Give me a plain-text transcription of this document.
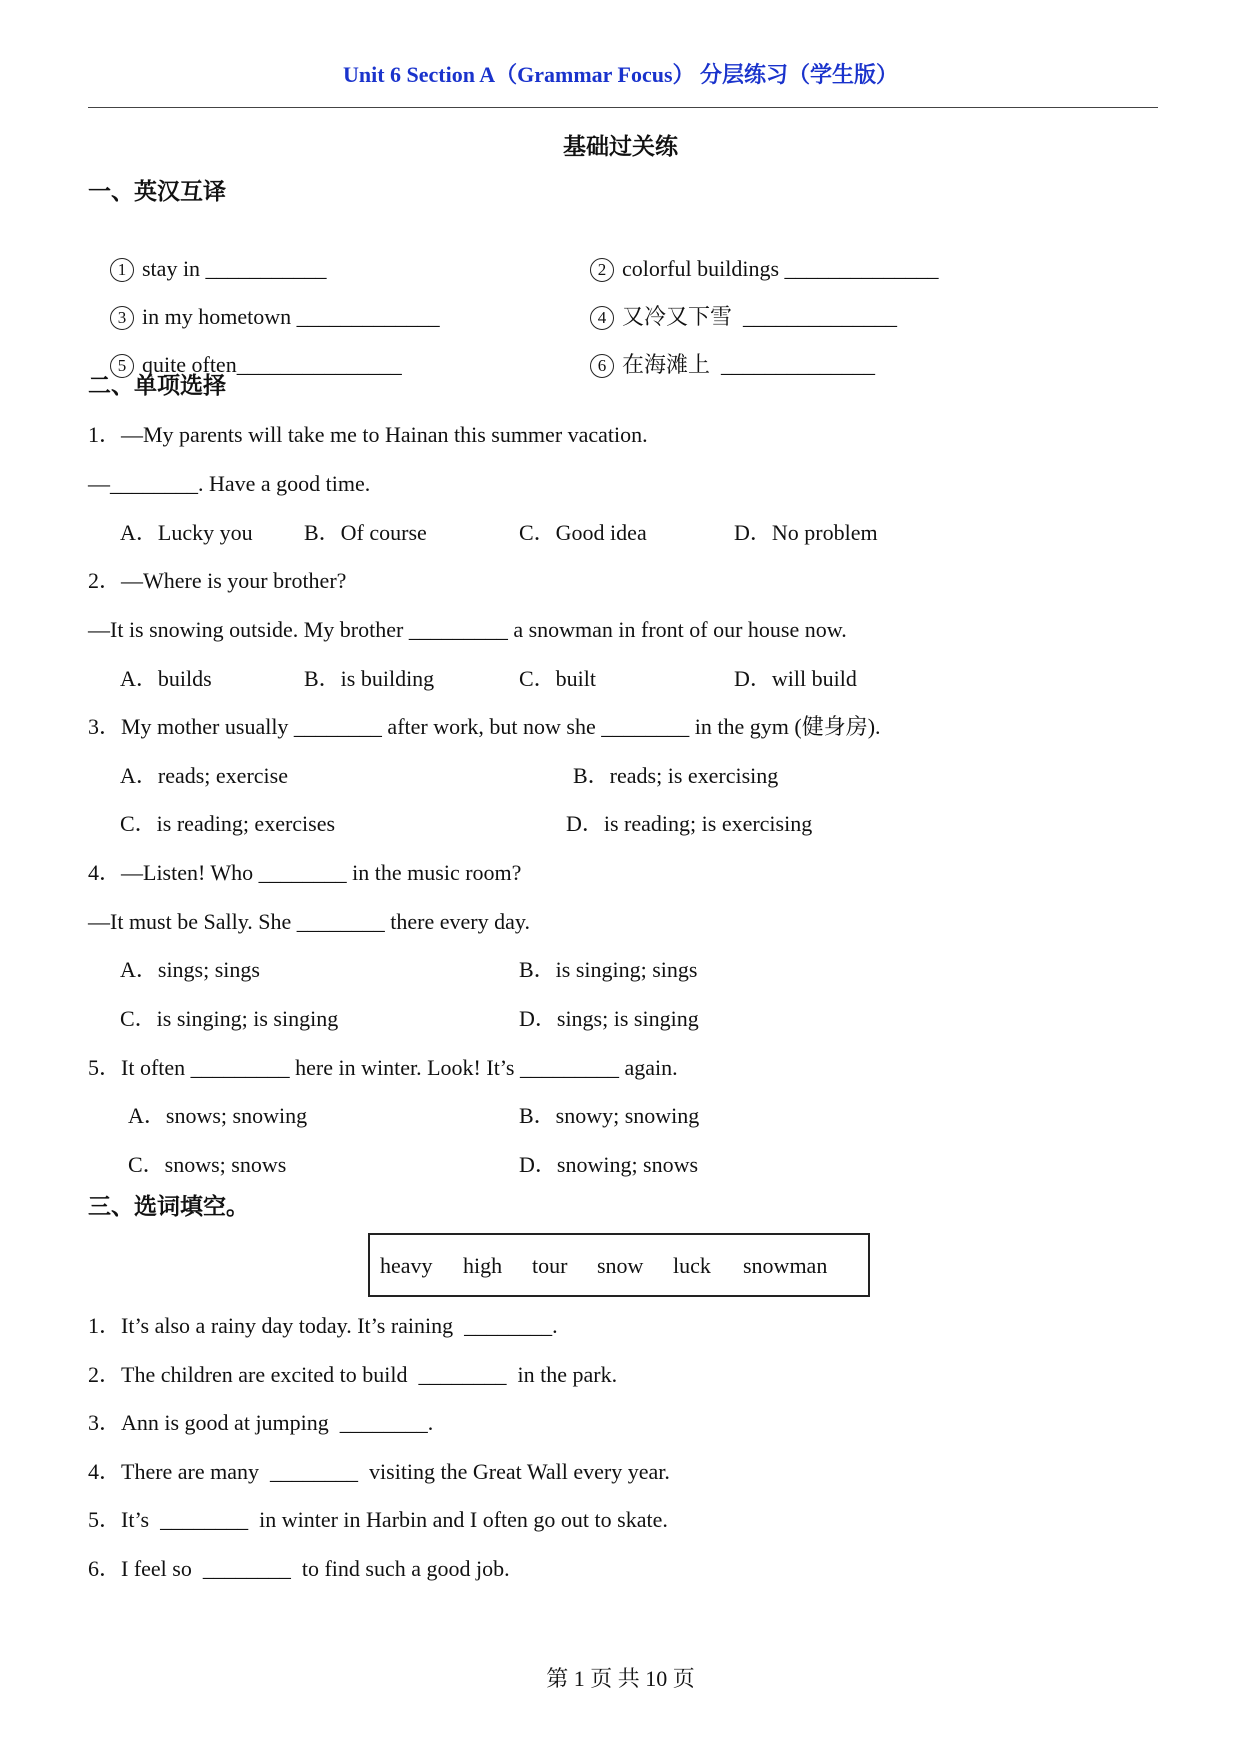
Unit 6 Section A（Grammar Focus） 分层练习（学生版）
基础过关练
一、英汉互译

1 stay in ___________
	2 colorful buildings ______________

3 in my hometown _____________
	4 又冷又下雪  ______________

5 quite often_______________
	6 在海滩上  ______________

二、单项选择
1．—My parents will take me to Hainan this summer vacation.
—________. Have a good time.
A．Lucky you B．Of course	C．Good idea	D．No problem
2．—Where is your brother?
—It is snowing outside. My brother _________ a snowman in front of our house now.
A．builds	B．is building	C．built	D．will build
3．My mother usually ________ after work, but now she ________ in the gym (健身房).
A．reads; exercise	B．reads; is exercising
C．is reading; exercises	D．is reading; is exercising
4．—Listen! Who ________ in the music room?
—It must be Sally. She ________ there every day.
A．sings; sings	B．is singing; sings
C．is singing; is singing	D．sings; is singing
5．It often _________ here in winter. Look! It’s _________ again.
A．snows; snowing	B．snowy; snowing
C．snows; snows	D．snowing; snows
三、选词填空。
heavy high tour snow luck snowman
1．It’s also a rainy day today. It’s raining  ________.
2．The children are excited to build  ________  in the park.
3．Ann is good at jumping  ________.
4．There are many  ________  visiting the Great Wall every year.
5．It’s  ________  in winter in Harbin and I often go out to skate.
6．I feel so  ________  to find such a good job.
第 1 页 共 10 页
